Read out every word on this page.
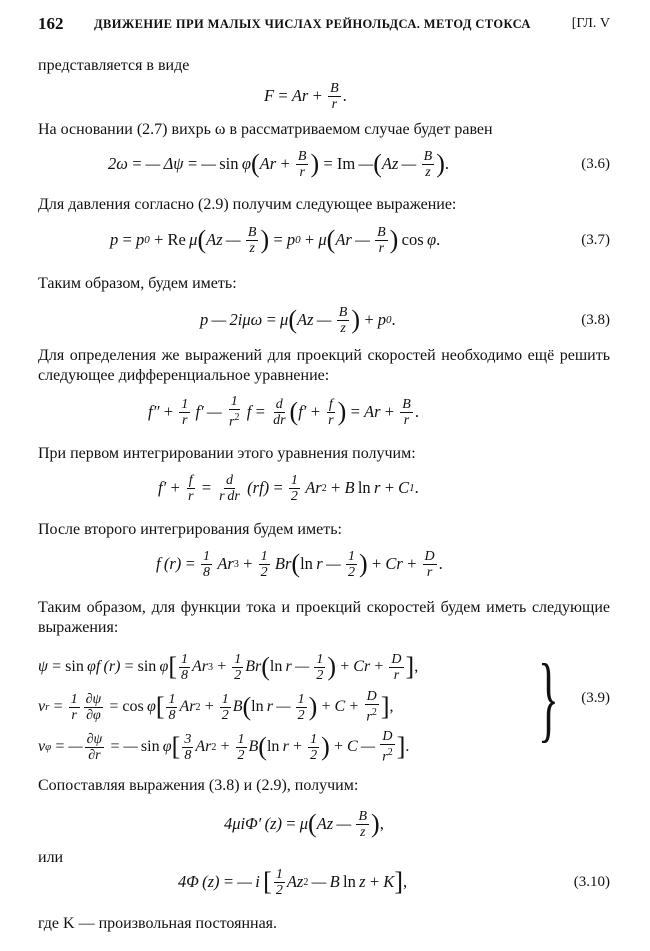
162 ДВИЖЕНИЕ ПРИ МАЛЫХ ЧИСЛАХ РЕЙНОЛЬДСА. МЕТОД СТОКСА	[ГЛ. V
представляется в виде
$F = Ar + \frac{B}{r}$ .
На основании (2.7) вихрь ω в рассматриваемом случае будет равен
2ω = — Δψ = —  sin  φ ( $Ar + \frac{B}{r}$ )  =  Im  — ( Az —  $\frac{B}{z}$ ) .	(3.6)
Для давления согласно (2.9) получим следующее выражение:
p = p 0  +  Re  μ ( Az —  $\frac{B}{z}$ )  = p 0  + μ ( Ar —  $\frac{B}{r}$ )
  cos  φ .	(3.7)
Таким образом, будем иметь:
p — 2iμω = μ ( Az —  $\frac{B}{z}$ )  + p 0 .	(3.8)
Для определения же выражений для проекций скоростей необходимо ещё решить следующее дифференциальное уравнение:
$f'' + \frac{1}{r} f'$ —  $\frac{1}{r^2}$  $f = \frac{d}{dr}$ ( $f' + \frac{f}{r}$ )  = $Ar + \frac{B}{r}$ .
При первом интегрировании этого уравнения получим:
$f' + \frac{f}{r} = \frac{d}{\text{r dr}} (rf) = \frac{1}{2}$  Ar 2  + B  ln  r + C 1 .
После второго интегрирования будем иметь:
f $(r) = \frac{1}{8}$  Ar $3 + \frac{1}{2}$  Br ( ln  r —  $\frac{1}{2}$ )  + $Cr + \frac{D}{r}$ .
Таким образом, для функции тока и проекций скоростей будем иметь следующие выражения:
ψ =  sin  φf (r) =  sin  φ [ $\frac{1}{8}$ Ar $3 + \frac{1}{2}$ Br ( ln  r —  $\frac{1}{2}$ )  + $Cr + \frac{D}{r}$ ] ,
v $r = \frac{1}{r} \frac{\partial\psi}{\partial\varphi} = \cos \varphi$ [ $\frac{1}{8}$ Ar $2 + \frac{1}{2}$ B ( ln  r —  $\frac{1}{2}$ )  + $C + \frac{D}{r^2}$ ] ,
v φ  = — $\frac{\partial\psi}{\partial r}$  = —  sin  φ [ $\frac{3}{8}$ Ar $2 + \frac{1}{2}$ B ( $\ln r + \frac{1}{2}$ )  + C —  $\frac{D}{r^2}$ ] . } (3.9)
Сопоставляя выражения (3.8) и (2.9), получим:
4μiΦ′ (z) = μ ( Az —  $\frac{B}{z}$ ) ,
или
4Φ (z) = — i  [ $\frac{1}{2}$ Az 2  — B  ln  z + K ] ,	(3.10)
где K — произвольная постоянная.
